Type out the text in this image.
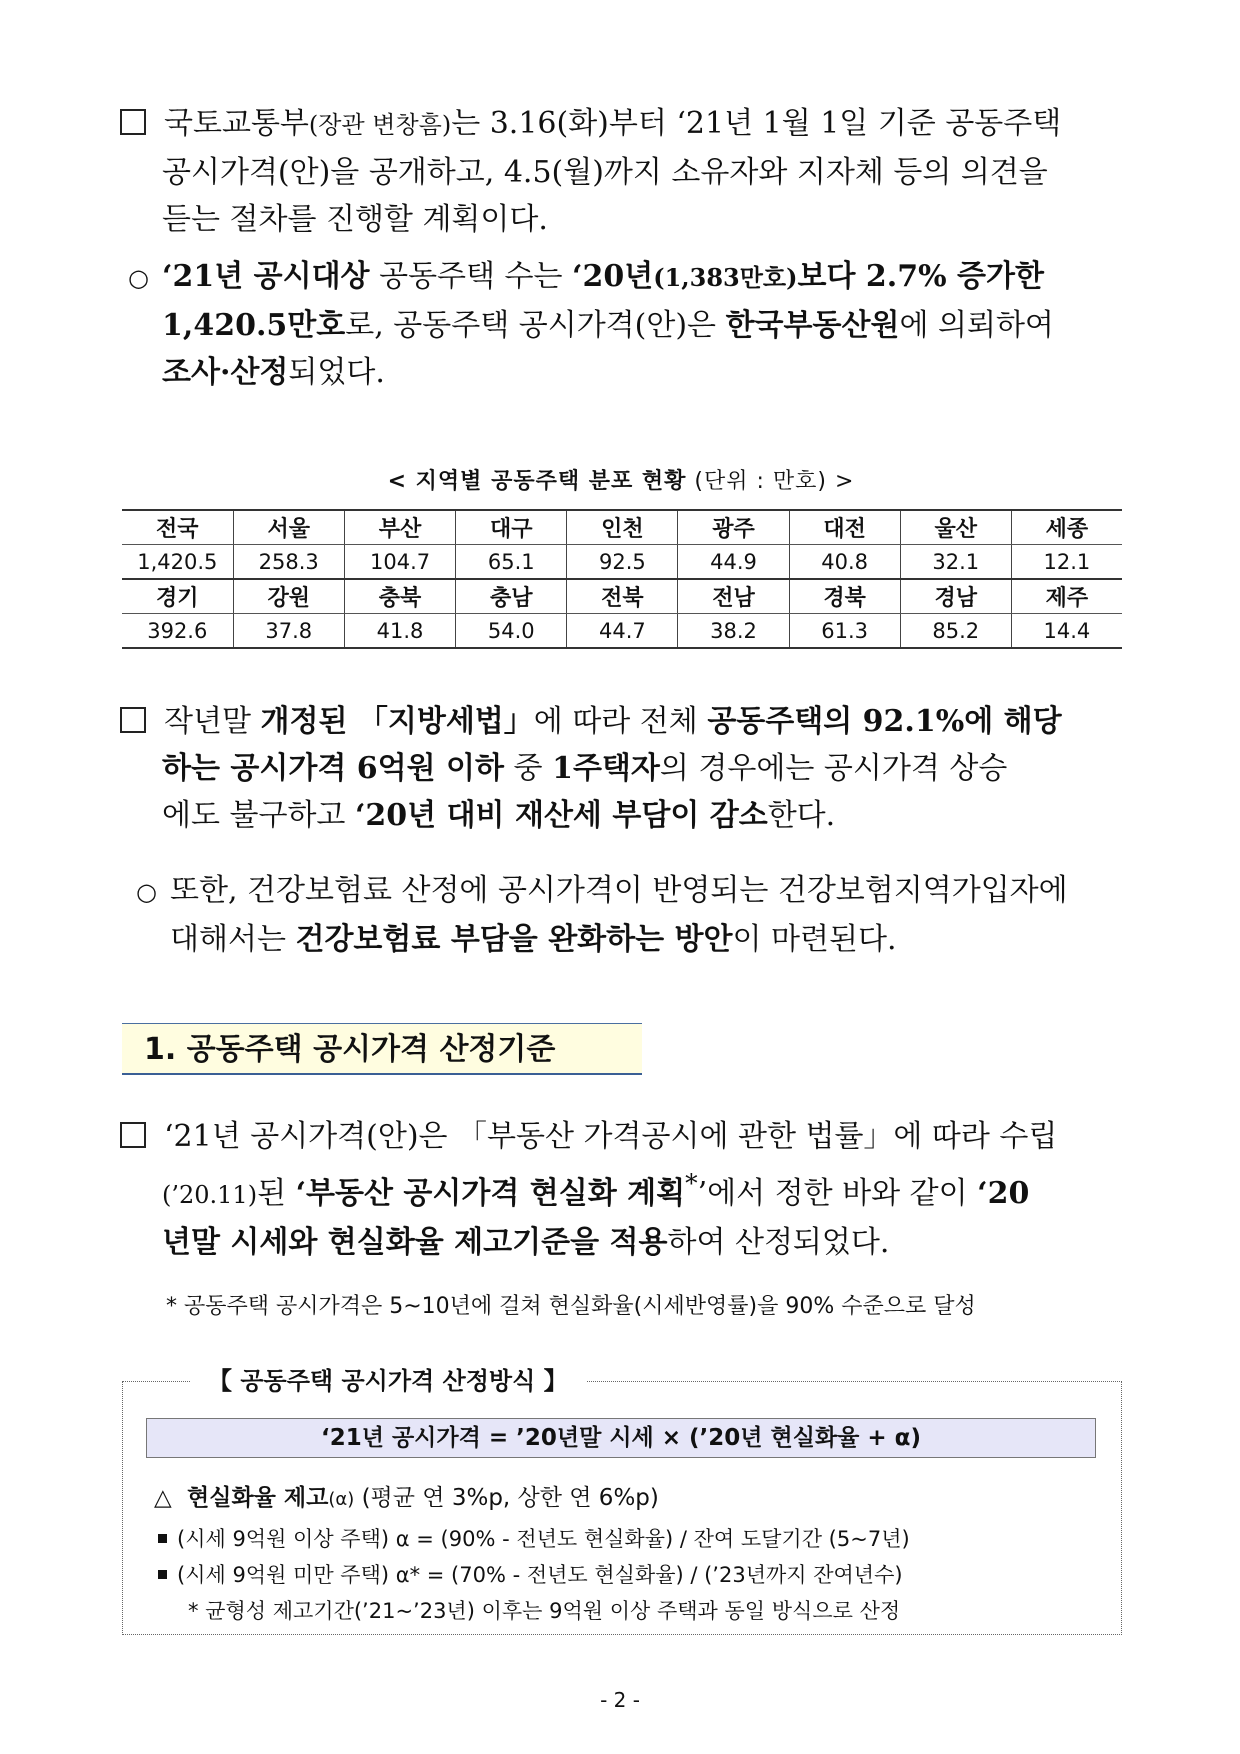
국토교통부(장관 변창흠)는 3.16(화)부터 ‘21년 1월 1일 기준 공동주택
공시가격(안)을 공개하고, 4.5(월)까지 소유자와 지자체 등의 의견을
듣는 절차를 진행할 계획이다.
○ ‘21년 공시대상 공동주택 수는 ‘20년(1,383만호)보다 2.7% 증가한
1,420.5만호로, 공동주택 공시가격(안)은 한국부동산원에 의뢰하여
조사·산정되었다.
< 지역별 공동주택 분포 현황 (단위 : 만호) >
전국	서울	부산	대구	인천	광주	대전	울산	세종
1,420.5	258.3	104.7	65.1	92.5	44.9	40.8	32.1	12.1
경기	강원	충북	충남	전북	전남	경북	경남	제주
392.6	37.8	41.8	54.0	44.7	38.2	61.3	85.2	14.4
작년말 개정된 「지방세법」에 따라 전체 공동주택의 92.1%에 해당
하는 공시가격 6억원 이하 중 1주택자의 경우에는 공시가격 상승
에도 불구하고 ‘20년 대비 재산세 부담이 감소한다.
○ 또한, 건강보험료 산정에 공시가격이 반영되는 건강보험지역가입자에
대해서는 건강보험료 부담을 완화하는 방안이 마련된다.
1. 공동주택 공시가격 산정기준
‘21년 공시가격(안)은 「부동산 가격공시에 관한 법률」에 따라 수립
(’20.11)된 ‘부동산 공시가격 현실화 계획*’에서 정한 바와 같이 ‘20
년말 시세와 현실화율 제고기준을 적용하여 산정되었다.
* 공동주택 공시가격은 5~10년에 걸쳐 현실화율(시세반영률)을 90% 수준으로 달성
【 공동주택 공시가격 산정방식 】
‘21년 공시가격 = ’20년말 시세 × (’20년 현실화율 + α)
△ 현실화율 제고(α) (평균 연 3%p, 상한 연 6%p)
(시세 9억원 이상 주택) α = (90% - 전년도 현실화율) / 잔여 도달기간 (5~7년)
(시세 9억원 미만 주택) α* = (70% - 전년도 현실화율) / (’23년까지 잔여년수)
* 균형성 제고기간(’21~’23년) 이후는 9억원 이상 주택과 동일 방식으로 산정
- 2 -
